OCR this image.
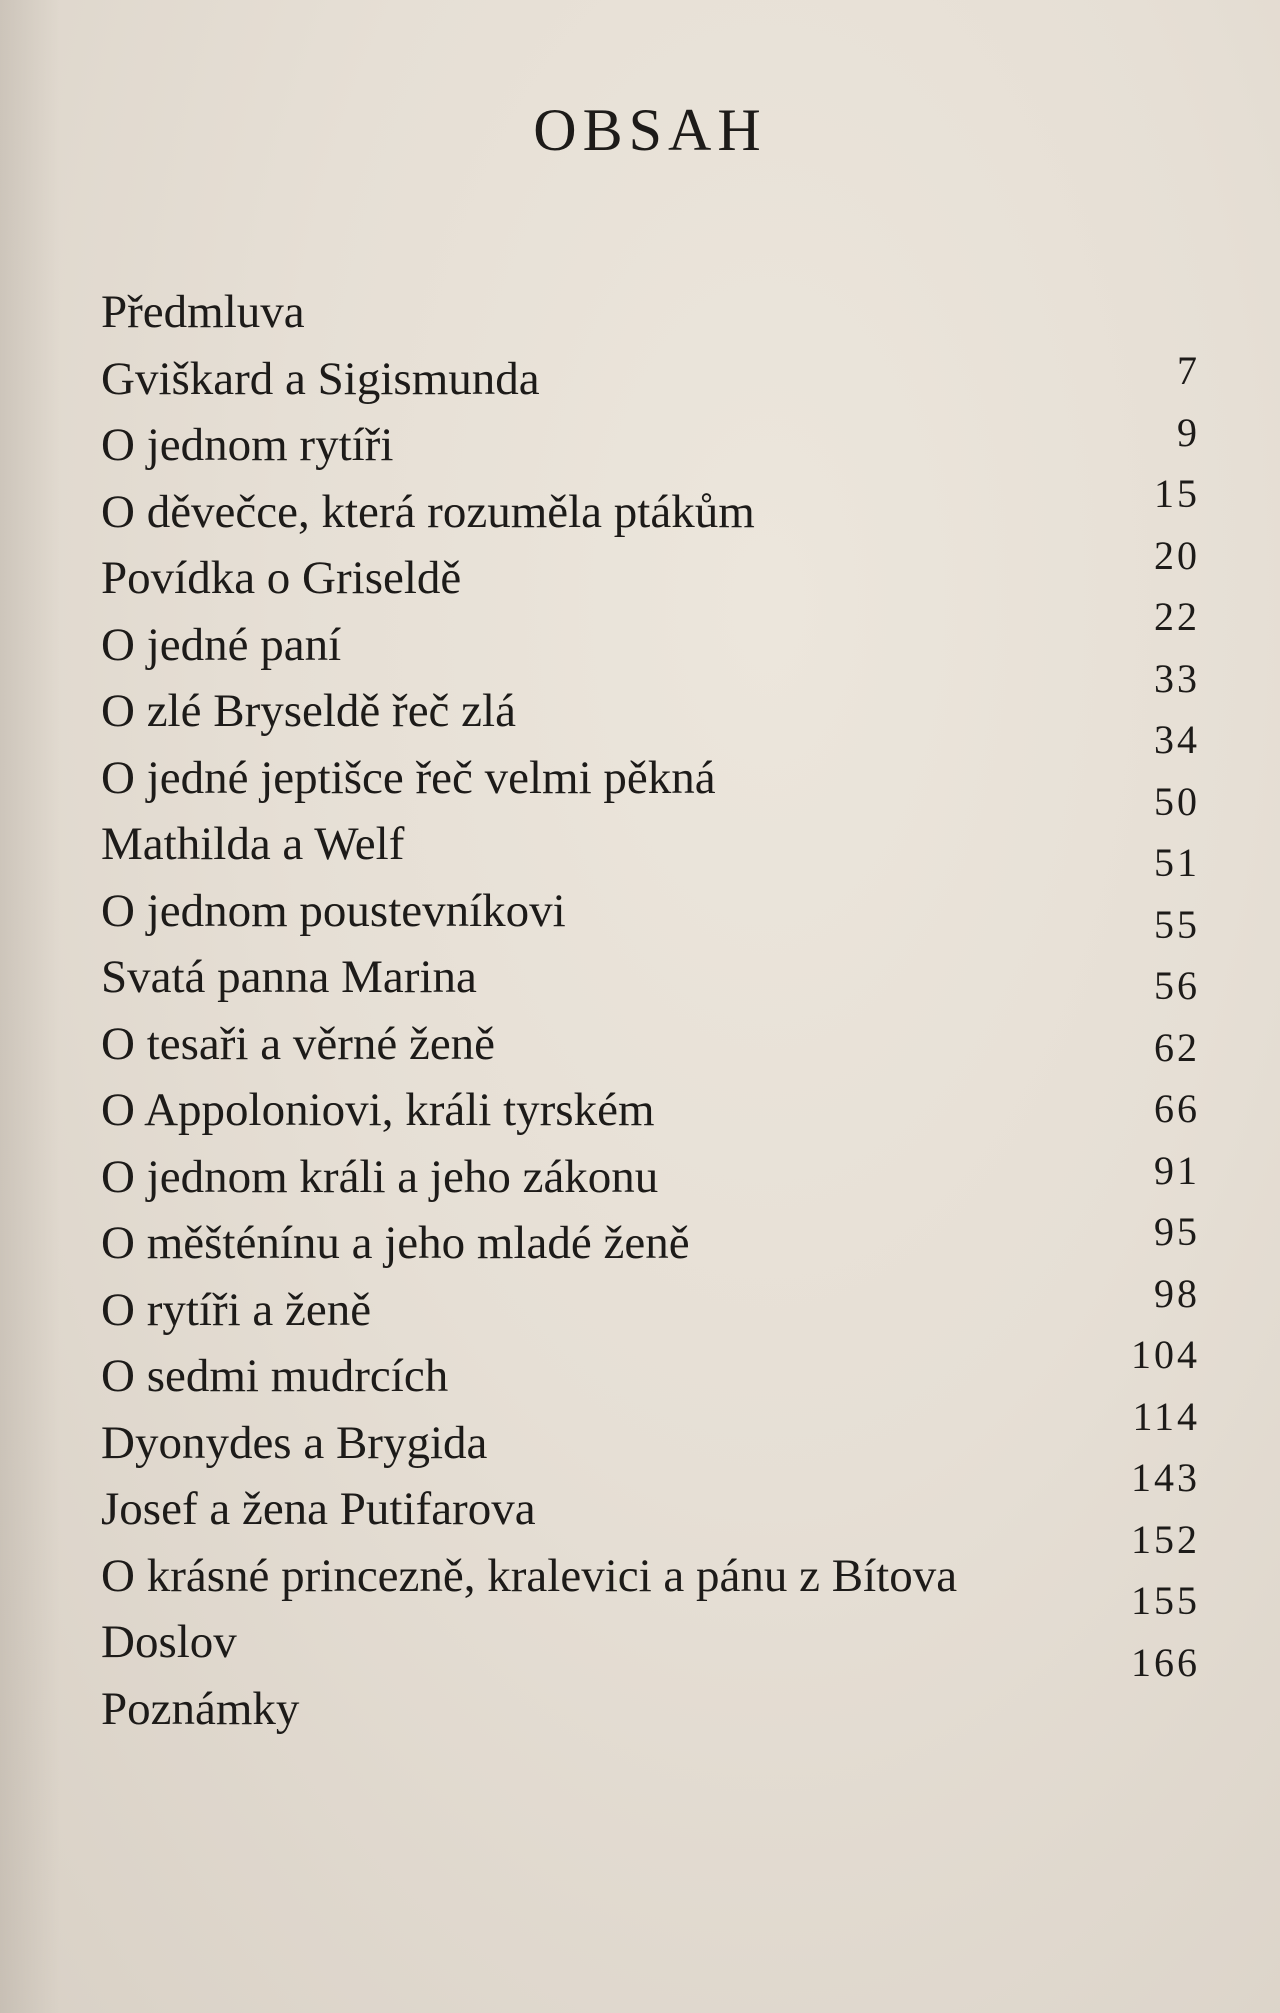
OBSAH
Předmluva
Gviškard a Sigismunda
O jednom rytíři
O děvečce, která rozuměla ptákům
Povídka o Griseldě
O jedné paní
O zlé Bryseldě řeč zlá
O jedné jeptišce řeč velmi pěkná
Mathilda a Welf
O jednom poustevníkovi
Svatá panna Marina
O tesaři a věrné ženě
O Appoloniovi, králi tyrském
O jednom králi a jeho zákonu
O měšténínu a jeho mladé ženě
O rytíři a ženě
O sedmi mudrcích
Dyonydes a Brygida
Josef a žena Putifarova
O krásné princezně, kralevici a pánu z Bítova
Doslov
Poznámky
7
9
15
20
22
33
34
50
51
55
56
62
66
91
95
98
104
114
143
152
155
166
